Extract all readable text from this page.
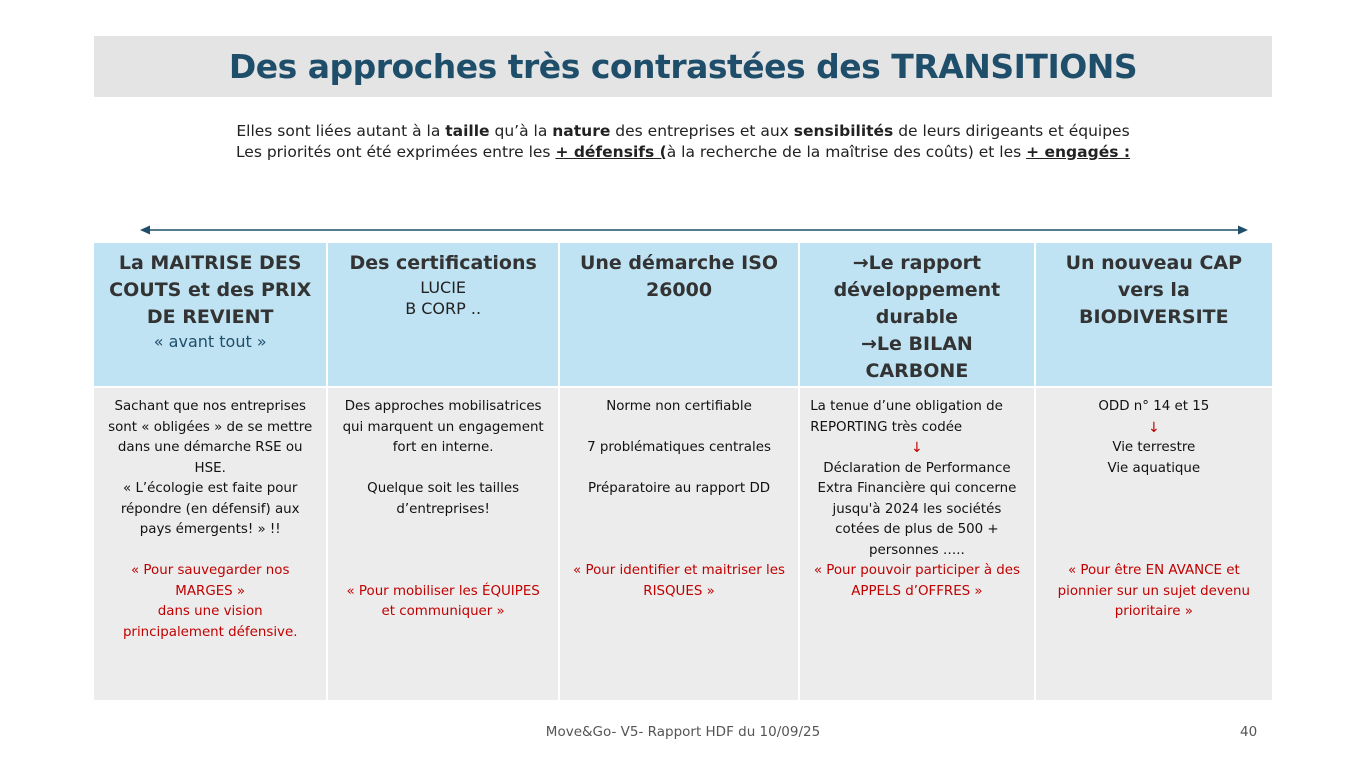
Des approches très contrastées des TRANSITIONS
Elles sont liées autant à la taille qu’à la nature des entreprises et aux sensibilités de leurs dirigeants et équipes
Les priorités ont été exprimées entre les + défensifs (à la recherche de la maîtrise des coûts) et les + engagés :
La MAITRISE DES
COUTS et des PRIX
DE REVIENT
« avant tout »
Sachant que nos entreprises
sont « obligées » de se mettre
dans une démarche RSE ou
HSE.
« L’écologie est faite pour
répondre (en défensif) aux
pays émergents! » !!
« Pour sauvegarder nos
MARGES »
dans une vision
principalement défensive.
Des certifications
LUCIE
B CORP ..
Des approches mobilisatrices
qui marquent un engagement
fort en interne.
Quelque soit les tailles
d’entreprises!
« Pour mobiliser les ÉQUIPES
et communiquer »
Une démarche ISO
26000
Norme non certifiable
7 problématiques centrales
Préparatoire au rapport DD
« Pour identifier et maitriser les
RISQUES »
→Le rapport
développement
durable
→Le BILAN
CARBONE
La tenue d’une obligation de
REPORTING très codée
↓
Déclaration de Performance
Extra Financière qui concerne
jusqu'à 2024 les sociétés
cotées de plus de 500 +
personnes …..
« Pour pouvoir participer à des
APPELS d’OFFRES »
Un nouveau CAP
vers la
BIODIVERSITE
ODD n° 14 et 15
↓
Vie terrestre
Vie aquatique
« Pour être EN AVANCE et
pionnier sur un sujet devenu
prioritaire »
Move&Go- V5- Rapport HDF du 10/09/25	40
